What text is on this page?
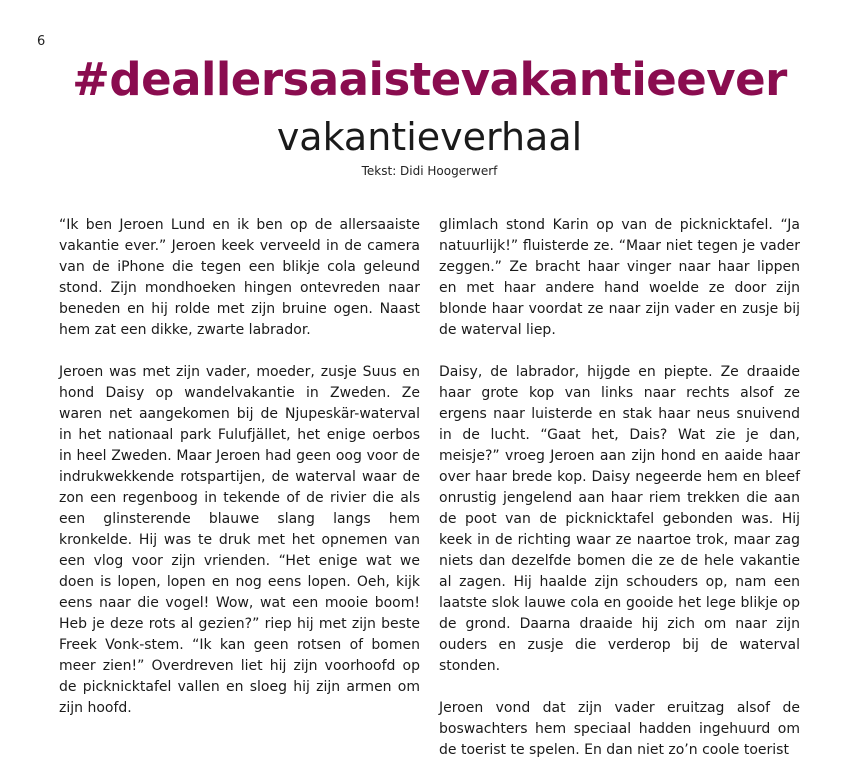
6
#deallersaaistevakantieever
vakantieverhaal
Tekst: Didi Hoogerwerf

“Ik ben Jeroen Lund en ik ben op de allersaaiste vakantie ever.” Jeroen keek verveeld in de camera van de iPhone die tegen een blikje cola geleund stond. Zijn mondhoeken hingen ontevreden naar beneden en hij rolde met zijn bruine ogen. Naast hem zat een dikke, zwarte labrador.

Jeroen was met zijn vader, moeder, zusje Suus en hond Daisy op wandelvakantie in Zweden. Ze waren net aangekomen bij de Njupeskär-waterval in het nationaal park Fulufjället, het enige oerbos in heel Zweden. Maar Jeroen had geen oog voor de indrukwekkende rotspartijen, de waterval waar de zon een regenboog in tekende of de rivier die als een glinsterende blauwe slang langs hem kronkelde. Hij was te druk met het opnemen van een vlog voor zijn vrienden. “Het enige wat we doen is lopen, lopen en nog eens lopen. Oeh, kijk eens naar die vogel! Wow, wat een mooie boom! Heb je deze rots al gezien?” riep hij met zijn beste Freek Vonk-stem. “Ik kan geen rotsen of bomen meer zien!” Overdreven liet hij zijn voorhoofd op de picknicktafel vallen en sloeg hij zijn armen om zijn hoofd.

glimlach stond Karin op van de picknicktafel. “Ja natuurlijk!” fluisterde ze. “Maar niet tegen je vader zeggen.” Ze bracht haar vinger naar haar lippen en met haar andere hand woelde ze door zijn blonde haar voordat ze naar zijn vader en zusje bij de waterval liep.

Daisy, de labrador, hijgde en piepte. Ze draaide haar grote kop van links naar rechts alsof ze ergens naar luisterde en stak haar neus snuivend in de lucht. “Gaat het, Dais? Wat zie je dan, meisje?” vroeg Jeroen aan zijn hond en aaide haar over haar brede kop. Daisy negeerde hem en bleef onrustig jengelend aan haar riem trekken die aan de poot van de picknicktafel gebonden was. Hij keek in de richting waar ze naartoe trok, maar zag niets dan dezelfde bomen die ze de hele vakantie al zagen. Hij haalde zijn schouders op, nam een laatste slok lauwe cola en gooide het lege blikje op de grond. Daarna draaide hij zich om naar zijn ouders en zusje die verderop bij de waterval stonden.

Jeroen vond dat zijn vader eruitzag alsof de boswachters hem speciaal hadden ingehuurd om de toerist te spelen. En dan niet zo’n coole toerist
